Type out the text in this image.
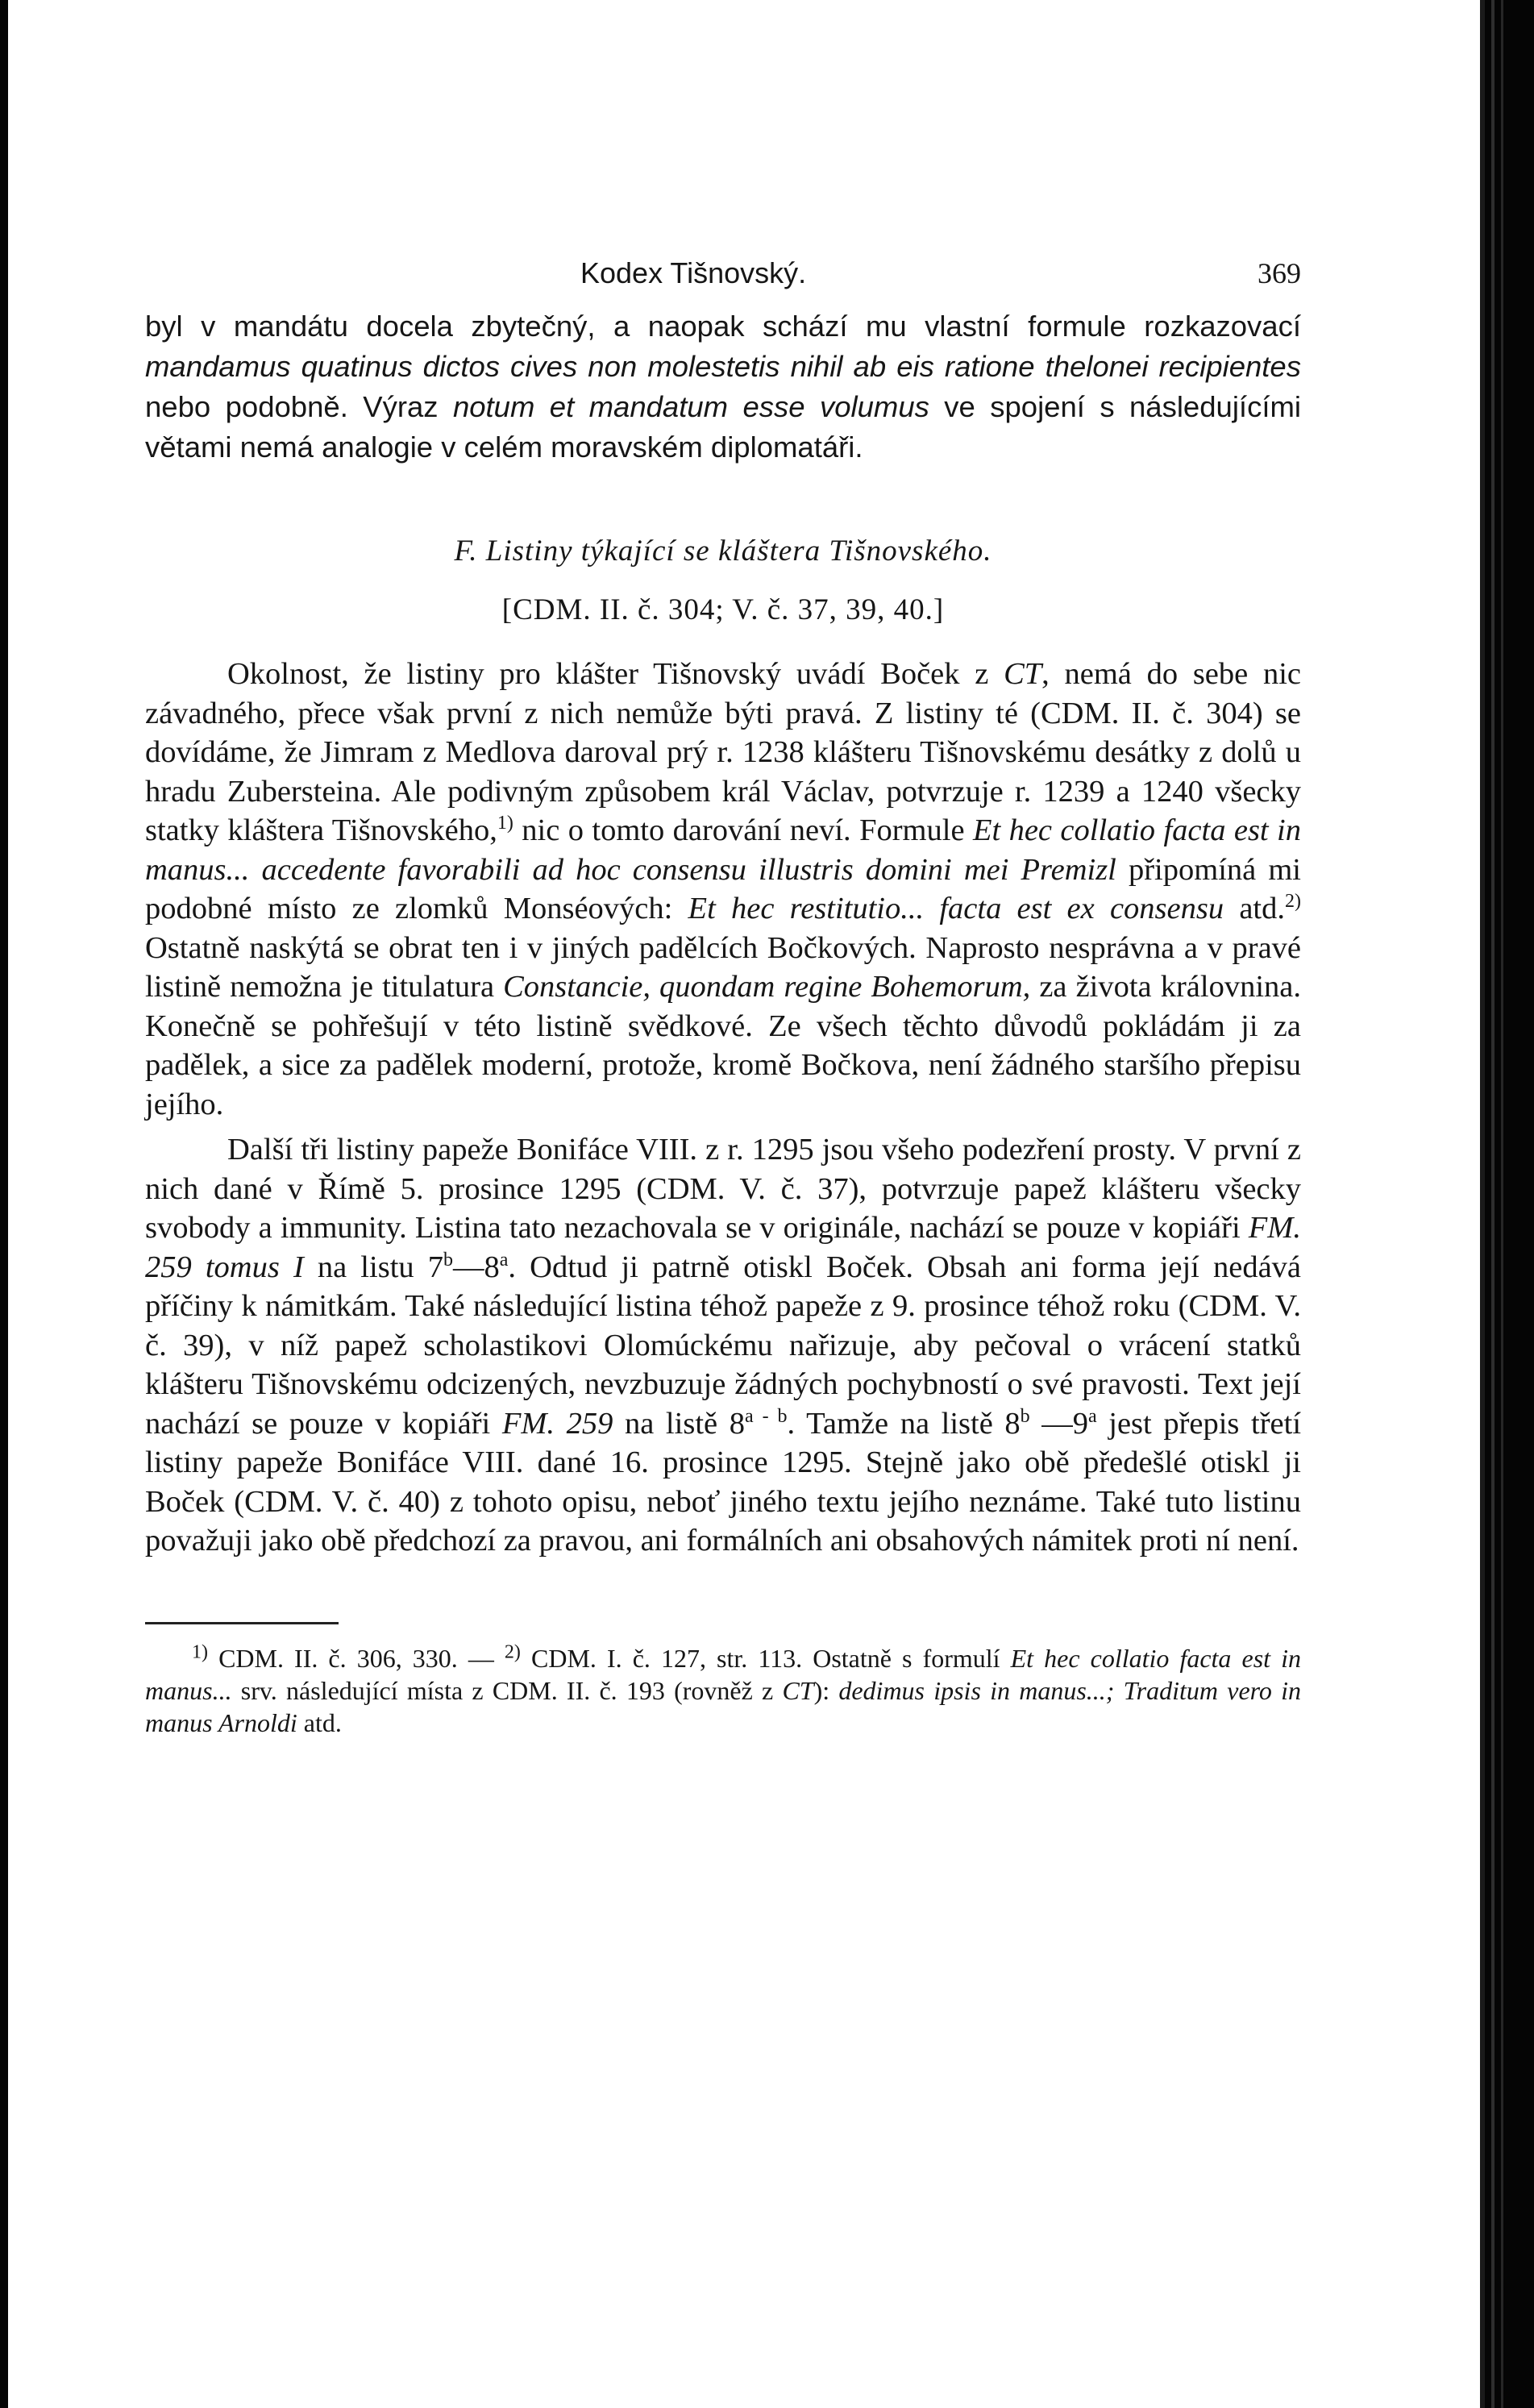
Kodex Tišnovský.	369
byl v mandátu docela zbytečný, a naopak schází mu vlastní formule rozkazovací mandamus quatinus dictos cives non molestetis nihil ab eis ratione thelonei recipientes nebo podobně. Výraz notum et mandatum esse volumus ve spojení s následujícími větami nemá analogie v celém moravském diplomatáři.
F. Listiny týkající se kláštera Tišnovského.
[CDM. II. č. 304; V. č. 37, 39, 40.]

Okolnost, že listiny pro klášter Tišnovský uvádí Boček z CT, nemá do sebe nic závadného, přece však první z nich nemůže býti pravá. Z listiny té (CDM. II. č. 304) se dovídáme, že Jimram z Medlova daroval prý r. 1238 klášteru Tišnovskému desátky z dolů u hradu Zubersteina. Ale podivným způsobem král Václav, potvrzuje r. 1239 a 1240 všecky statky kláštera Tišnovského,$^{1)}$ nic o tomto darování neví. Formule Et hec collatio facta est in manus... accedente favorabili ad hoc consensu illustris domini mei Premizl připomíná mi podobné místo ze zlomků Monséových: Et hec restitutio... facta est ex consensu atd.$^{2)}$ Ostatně naskýtá se obrat ten i v jiných padělcích Bočkových. Naprosto nesprávna a v pravé listině nemožna je titulatura Constancie, quondam regine Bohemorum, za života královnina. Konečně se pohřešují v této listině svědkové. Ze všech těchto důvodů pokládám ji za padělek, a sice za padělek moderní, protože, kromě Bočkova, není žádného staršího přepisu jejího.

Další tři listiny papeže Bonifáce VIII. z r. 1295 jsou všeho podezření prosty. V první z nich dané v Římě 5. prosince 1295 (CDM. V. č. 37), potvrzuje papež klášteru všecky svobody a immunity. Listina tato nezachovala se v originále, nachází se pouze v kopiáři FM. 259 tomus I na listu 7$^b$—8$^a$. Odtud ji patrně otiskl Boček. Obsah ani forma její nedává příčiny k námitkám. Také následující listina téhož papeže z 9. prosince téhož roku (CDM. V. č. 39), v níž papež scholastikovi Olomúckému nařizuje, aby pečoval o vrácení statků klášteru Tišnovskému odcizených, nevzbuzuje žádných pochybností o své pravosti. Text její nachází se pouze v kopiáři FM. 259 na listě 8$^{a - b}$. Tamže na listě 8$^b$ —9$^a$ jest přepis třetí listiny papeže Bonifáce VIII. dané 16. prosince 1295. Stejně jako obě předešlé otiskl ji Boček (CDM. V. č. 40) z tohoto opisu, neboť jiného textu jejího neznáme. Také tuto listinu považuji jako obě předchozí za pravou, ani formálních ani obsahových námitek proti ní není.

$^{1)}$ CDM. II. č. 306, 330. — $^{2)}$ CDM. I. č. 127, str. 113. Ostatně s formulí Et hec collatio facta est in manus... srv. následující místa z CDM. II. č. 193 (rovněž z CT): dedimus ipsis in manus...; Traditum vero in manus Arnoldi atd.
